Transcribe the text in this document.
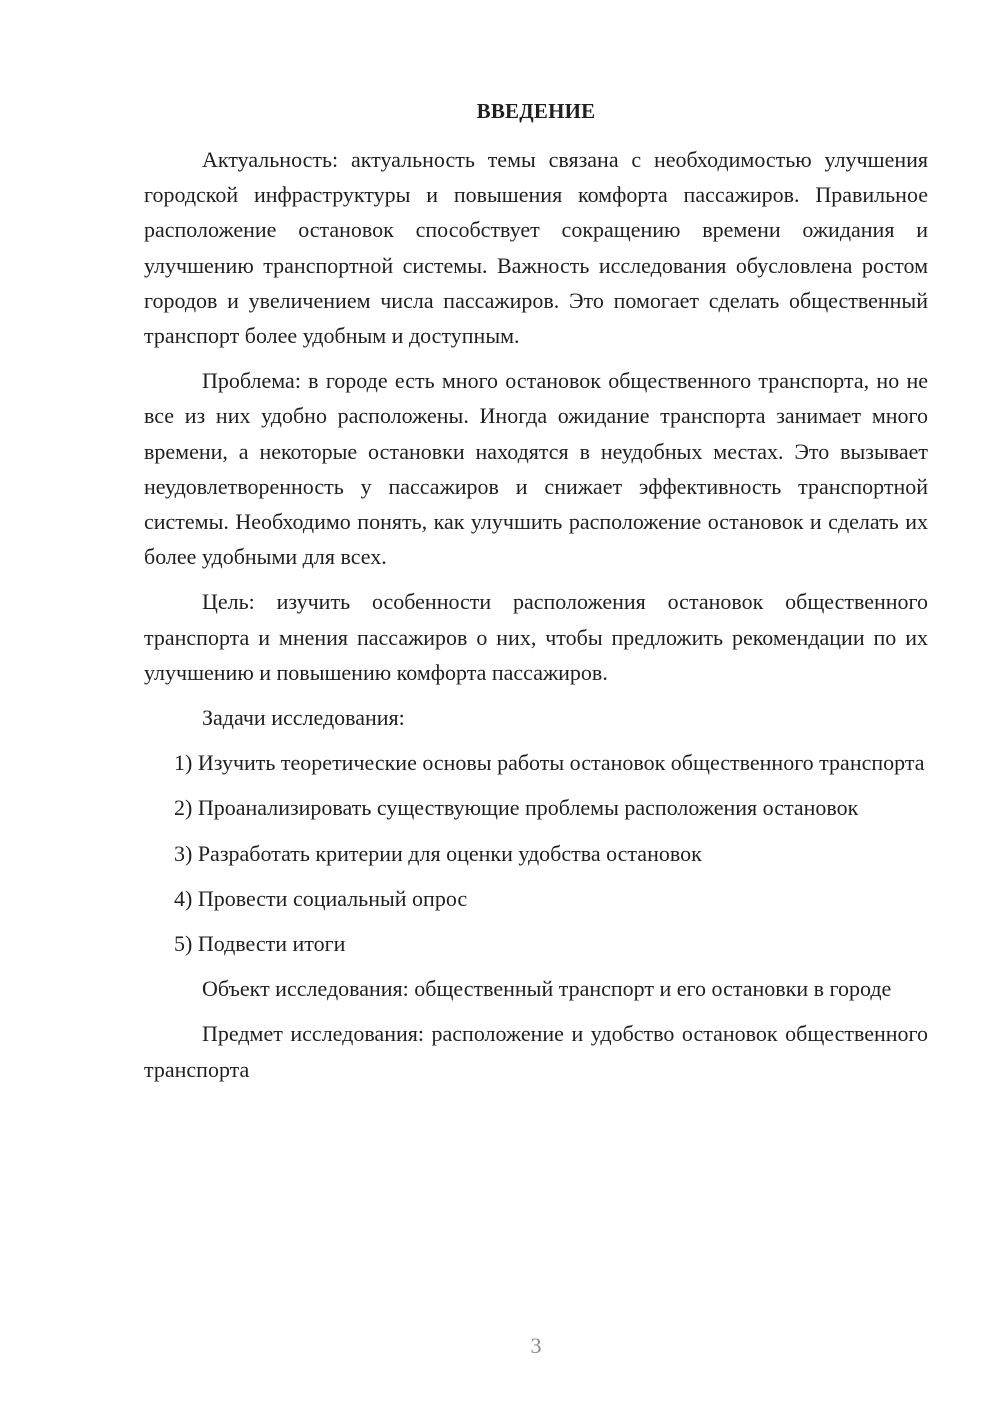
ВВЕДЕНИЕ

Актуальность: актуальность темы связана с необходимостью улучшения городской инфраструктуры и повышения комфорта пассажиров. Правильное расположение остановок способствует сокращению времени ожидания и улучшению транспортной системы. Важность исследования обусловлена ростом городов и увеличением числа пассажиров. Это помогает сделать общественный транспорт более удобным и доступным.

Проблема: в городе есть много остановок общественного транспорта, но не все из них удобно расположены. Иногда ожидание транспорта занимает много времени, а некоторые остановки находятся в неудобных местах. Это вызывает неудовлетворенность у пассажиров и снижает эффективность транспортной системы. Необходимо понять, как улучшить расположение остановок и сделать их более удобными для всех.

Цель: изучить особенности расположения остановок общественного транспорта и мнения пассажиров о них, чтобы предложить рекомендации по их улучшению и повышению комфорта пассажиров.

Задачи исследования:

1) Изучить теоретические основы работы остановок общественного транспорта

2) Проанализировать существующие проблемы расположения остановок

3) Разработать критерии для оценки удобства остановок

4) Провести социальный опрос

5) Подвести итоги

Объект исследования: общественный транспорт и его остановки в городе

Предмет исследования: расположение и удобство остановок общественного транспорта

3
